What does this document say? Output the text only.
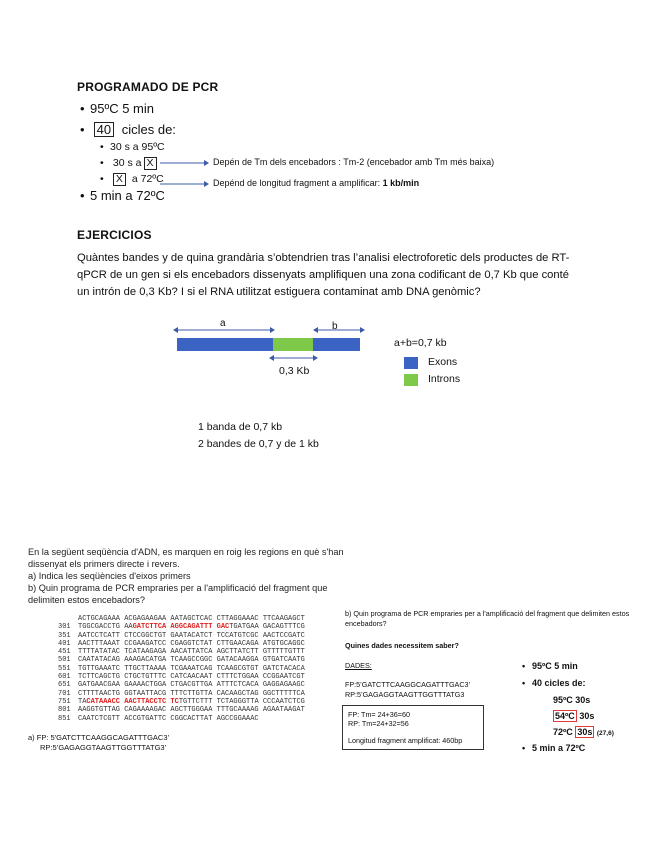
PROGRAMADO DE PCR
• 95ºC 5 min
• 40 cicles de:
• 30 s a 95ºC
• 30 s a X
• X a 72ºC
Depén de Tm dels encebadors : Tm-2 (encebador amb Tm més baixa)
Depénd de longitud fragment a amplificar: 1 kb/min
• 5 min a 72ºC
EJERCICIOS
Quàntes bandes y de quina grandària s’obtendrien tras l’analisi electroforetic dels productes de RT-qPCR de un gen si els encebadors dissenyats amplifiquen una zona codificant de 0,7 Kb que conté un intrón de 0,3 Kb? I si el RNA utilitzat estiguera contaminat amb DNA genòmic?
a	b
0,3 Kb
a+b=0,7 kb
Exons
Introns
1 banda de 0,7 kb
2 bandes de 0,7 y de 1 kb
En la següent seqüència d'ADN, es marquen en roig les regions en què s'han dissenyat els primers directe i revers.
a) Indica les seqüències d'eixos primers
b) Quin programa de PCR empraries per a l'amplificació del fragment que delimiten estos encebadors?
ACTGCAGAAA ACGAGAAGAA AATAGCTCAC CTTAGGAAAC TTCAAGAGCT
301 TGGCGACCTG AAGATCTTCA AGGCAGATTT GACTGATGAA GACAGTTTCG
351 AATCCTCATT CTCCGGCTGT GAATACATCT TCCATGTCGC AACTCCGATC
401 AACTTTAAAT CCGAAGATCC CGAGGTCTAT CTTGAACAGA ATGTGCAGGC
451 TTTTATATAC TCATAAGAGA AACATTATCA AGCTTATCTT GTTTTTGTTT
501 CAATATACAG AAAGACATGA TCAAGCCGGC GATACAAGGA GTGATCAATG
551 TGTTGAAATC TTGCTTAAAA TCGAAATCAG TCAAGCGTGT GATCTACACA
601 TCTTCAGCTG CTGCTGTTTC CATCAACAAT CTTTCTGGAA CCGGAATCGT
651 GATGAACGAA GAAAACTGGA CTGACGTTGA ATTTCTCACA GAGGAGAAGC
701 CTTTTAACTG GGTAATTACG TTTCTTGTTA CACAAGCTAG GGCTTTTTCA
751 TACATAAACC AACTTACCTC TCTGTTCTTT TCTAGGGTTA CCCAATCTCG
801 AAGGTGTTAG CAGAAAAGAC AGCTTGGGAA TTTGCAAAAG AGAATAAGAT
851 CAATCTCGTT ACCGTGATTC CGGCACTTAT AGCCGGAAAC
a) FP: 5'GATCTTCAAGGCAGATTTGAC3’
RP:5’GAGAGGTAAGTTGGTTTATG3’
b) Quin programa de PCR empraries per a l'amplificació del fragment que delimiten estos encebadors?
Quines dades necessitem saber?
DADES:
FP:5’GATCTTCAAGGCAGATTTGAC3’
RP:5’GAGAGGTAAGTTGGTTTATG3
FP: Tm= 24+36=60
RP: Tm=24+32=56
Longitud fragment amplificat: 460bp
• 95ºC 5 min
• 40 cicles de:
95ºC 30s
54ºC 30s
72ºC 30s (27,6)
• 5 min a 72ºC
